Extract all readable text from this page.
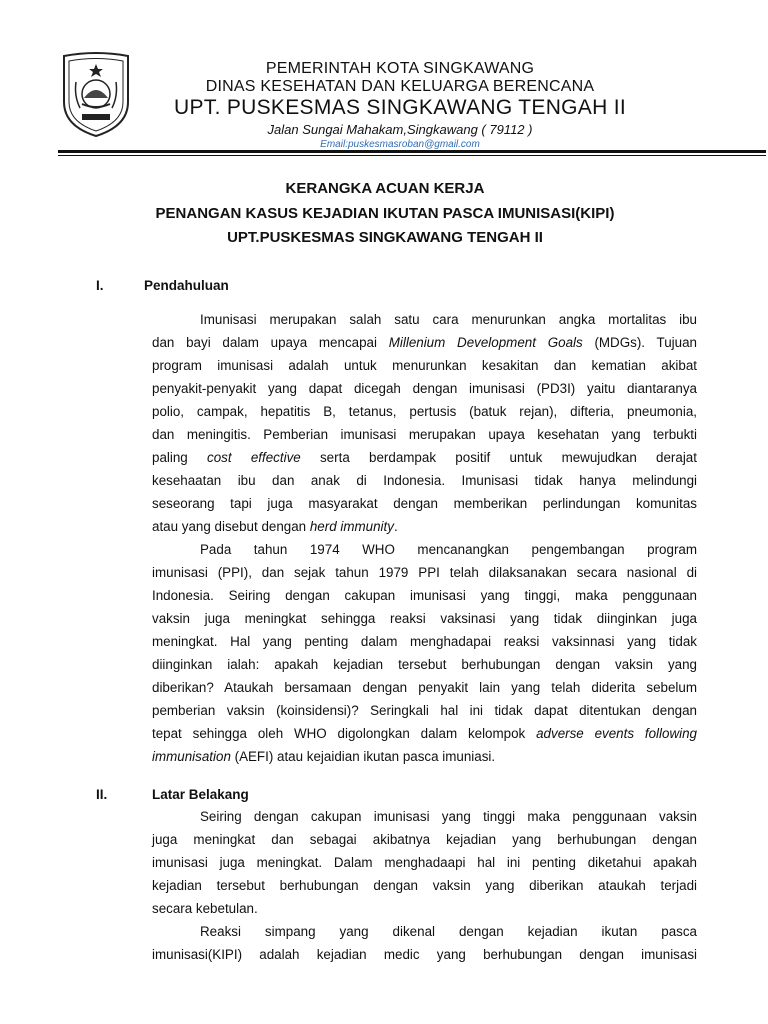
PEMERINTAH KOTA SINGKAWANG
DINAS KESEHATAN DAN KELUARGA BERENCANA
UPT. PUSKESMAS SINGKAWANG TENGAH II
Jalan Sungai Mahakam,Singkawang ( 79112 )
Email:puskesmasroban@gmail.com
KERANGKA ACUAN KERJA
PENANGAN KASUS KEJADIAN IKUTAN PASCA IMUNISASI(KIPI)
UPT.PUSKESMAS SINGKAWANG TENGAH II
I.	Pendahuluan
Imunisasi merupakan salah satu cara menurunkan angka mortalitas ibu
dan bayi dalam upaya mencapai Millenium Development Goals (MDGs). Tujuan
program imunisasi adalah untuk menurunkan kesakitan dan kematian akibat
penyakit-penyakit yang dapat dicegah dengan imunisasi (PD3I) yaitu diantaranya
polio, campak, hepatitis B, tetanus, pertusis (batuk rejan), difteria, pneumonia,
dan meningitis. Pemberian imunisasi merupakan upaya kesehatan yang terbukti
paling cost effective serta berdampak positif untuk mewujudkan derajat
kesehaatan ibu dan anak di Indonesia. Imunisasi tidak hanya melindungi
seseorang tapi juga masyarakat dengan memberikan perlindungan komunitas
atau yang disebut dengan herd immunity.
Pada tahun 1974 WHO mencanangkan pengembangan program
imunisasi (PPI), dan sejak tahun 1979 PPI telah dilaksanakan secara nasional di
Indonesia. Seiring dengan cakupan imunisasi yang tinggi, maka penggunaan
vaksin juga meningkat sehingga reaksi vaksinasi yang tidak diinginkan juga
meningkat. Hal yang penting dalam menghadapai reaksi vaksinnasi yang tidak
diinginkan ialah: apakah kejadian tersebut berhubungan dengan vaksin yang
diberikan? Ataukah bersamaan dengan penyakit lain yang telah diderita sebelum
pemberian vaksin (koinsidensi)? Seringkali hal ini tidak dapat ditentukan dengan
tepat sehingga oleh WHO digolongkan dalam kelompok adverse events following
immunisation (AEFI) atau kejaidian ikutan pasca imuniasi.
II.	Latar Belakang
Seiring dengan cakupan imunisasi yang tinggi maka penggunaan vaksin
juga meningkat dan sebagai akibatnya kejadian yang berhubungan dengan
imunisasi juga meningkat. Dalam menghadaapi hal ini penting diketahui apakah
kejadian tersebut berhubungan dengan vaksin yang diberikan ataukah terjadi
secara kebetulan.
Reaksi simpang yang dikenal dengan kejadian ikutan pasca
imunisasi(KIPI) adalah kejadian medic yang berhubungan dengan imunisasi
